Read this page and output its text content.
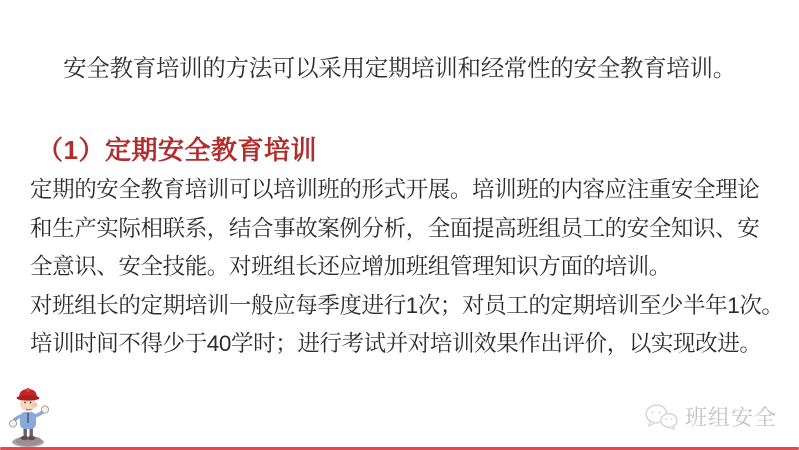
安全教育培训的方法可以采用定期培训和经常性的安全教育培训。
（1）定期安全教育培训
定期的安全教育培训可以培训班的形式开展。培训班的内容应注重安全理论
和生产实际相联系，结合事故案例分析，全面提高班组员工的安全知识、安
全意识、安全技能。对班组长还应增加班组管理知识方面的培训。
对班组长的定期培训一般应每季度进行1次；对员工的定期培训至少半年1次。
培训时间不得少于40学时；进行考试并对培训效果作出评价，以实现改进。
班组安全
